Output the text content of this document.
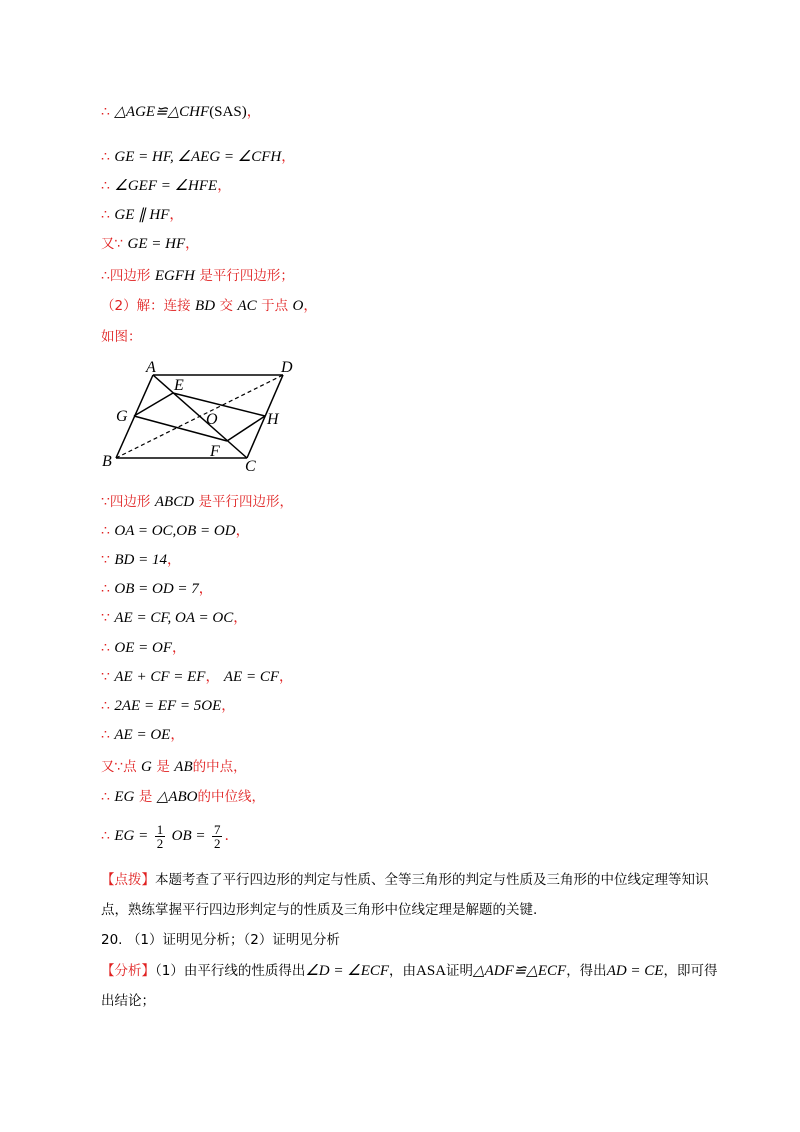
∴ △AGE≌△CHF(SAS)，
∴ GE = HF, ∠AEG = ∠CFH，
∴ ∠GEF = ∠HFE，
∴ GE ∥ HF，
又∵ GE = HF，
∴四边形 EGFH 是平行四边形；
（2）解：连接 BD 交 AC 于点 O，
如图：
A	D
E
G	O	H
B
F
C
∵四边形 ABCD 是平行四边形，
∴ OA = OC,OB = OD，
∵ BD = 14，
∴ OB = OD = 7，
∵ AE = CF, OA = OC，
∴ OE = OF，
∵ AE + CF = EF， AE = CF，
∴ 2AE = EF = 5OE，
∴ AE = OE，
又∵点 G 是 AB的中点，
∴ EG 是 △ABO的中位线，
∴ EG = $\frac{1}{2}$ OB = $\frac{7}{2}$ .
【点拨】本题考查了平行四边形的判定与性质、全等三角形的判定与性质及三角形的中位线定理等知识点，熟练掌握平行四边形判定与的性质及三角形中位线定理是解题的关键.
20. （1）证明见分析；（2）证明见分析
【分析】（1）由平行线的性质得出∠D = ∠ECF，由ASA证明△ADF≌△ECF，得出AD = CE，即可得出结论；
